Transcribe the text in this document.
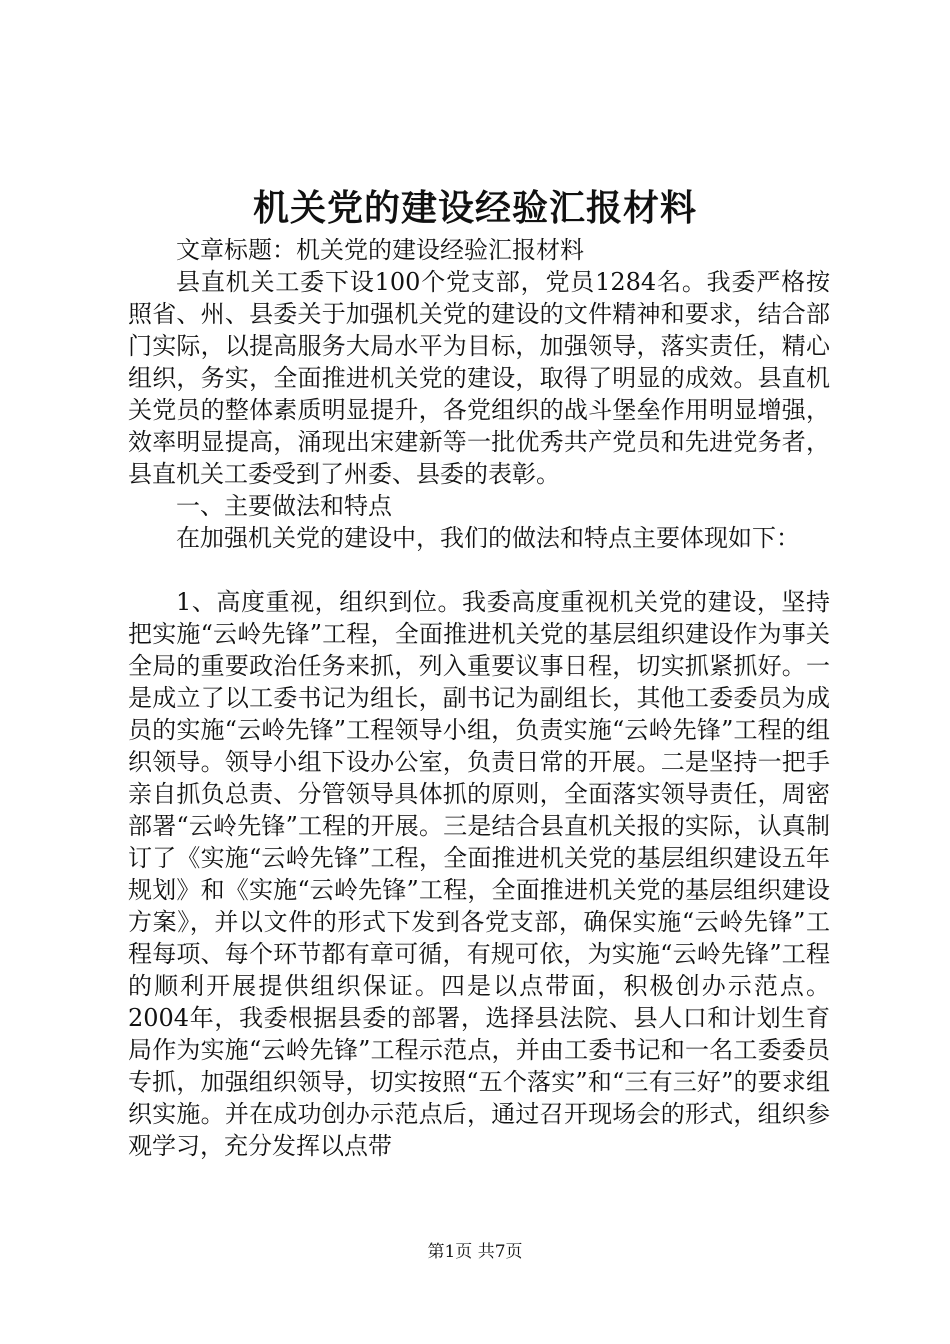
机关党的建设经验汇报材料

文章标题：机关党的建设经验汇报材料

县直机关工委下设100个党支部，党员1284名。我委严格按照省、州、县委关于加强机关党的建设的文件精神和要求，结合部门实际，以提高服务大局水平为目标，加强领导，落实责任，精心组织，务实，全面推进机关党的建设，取得了明显的成效。县直机关党员的整体素质明显提升，各党组织的战斗堡垒作用明显增强，效率明显提高，涌现出宋建新等一批优秀共产党员和先进党务者，县直机关工委受到了州委、县委的表彰。

一、主要做法和特点

在加强机关党的建设中，我们的做法和特点主要体现如下：

1、高度重视，组织到位。我委高度重视机关党的建设，坚持把实施“云岭先锋”工程，全面推进机关党的基层组织建设作为事关全局的重要政治任务来抓，列入重要议事日程，切实抓紧抓好。一是成立了以工委书记为组长，副书记为副组长，其他工委委员为成员的实施“云岭先锋”工程领导小组，负责实施“云岭先锋”工程的组织领导。领导小组下设办公室，负责日常的开展。二是坚持一把手亲自抓负总责、分管领导具体抓的原则，全面落实领导责任，周密部署“云岭先锋”工程的开展。三是结合县直机关报的实际，认真制订了《实施“云岭先锋”工程，全面推进机关党的基层组织建设五年规划》和《实施“云岭先锋”工程，全面推进机关党的基层组织建设方案》，并以文件的形式下发到各党支部，确保实施“云岭先锋”工程每项、每个环节都有章可循，有规可依，为实施“云岭先锋”工程的顺利开展提供组织保证。四是以点带面，积极创办示范点。2004年，我委根据县委的部署，选择县法院、县人口和计划生育局作为实施“云岭先锋”工程示范点，并由工委书记和一名工委委员专抓，加强组织领导，切实按照“五个落实”和“三有三好”的要求组织实施。并在成功创办示范点后，通过召开现场会的形式，组织参观学习，充分发挥以点带

第1页 共7页
